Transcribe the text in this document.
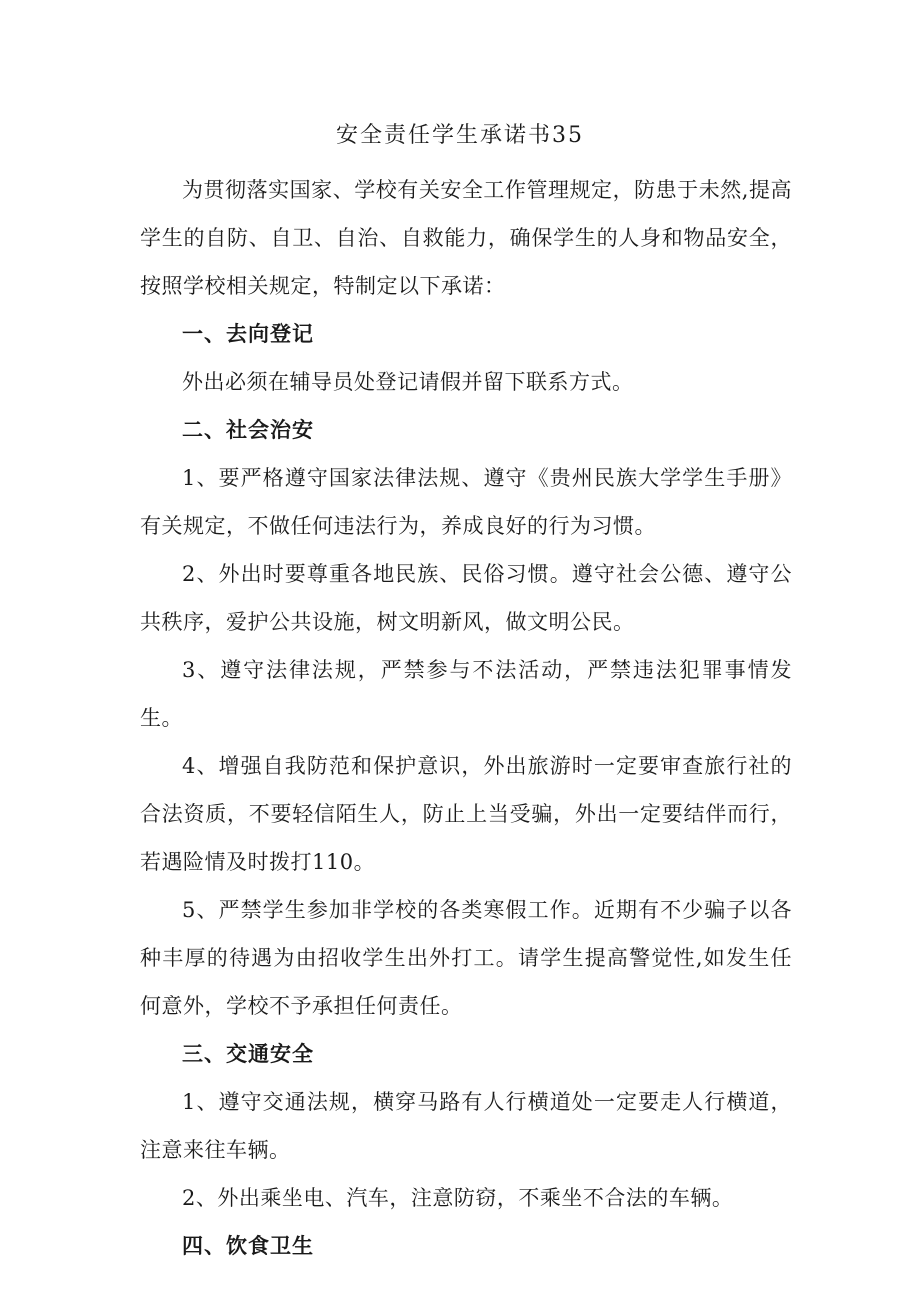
安全责任学生承诺书35

为贯彻落实国家、学校有关安全工作管理规定，防患于未然,提高学生的自防、自卫、自治、自救能力，确保学生的人身和物品安全，按照学校相关规定，特制定以下承诺：

一、去向登记

外出必须在辅导员处登记请假并留下联系方式。

二、社会治安

1、要严格遵守国家法律法规、遵守《贵州民族大学学生手册》有关规定，不做任何违法行为，养成良好的行为习惯。

2、外出时要尊重各地民族、民俗习惯。遵守社会公德、遵守公共秩序，爱护公共设施，树文明新风，做文明公民。

3、遵守法律法规，严禁参与不法活动，严禁违法犯罪事情发生。

4、增强自我防范和保护意识，外出旅游时一定要审查旅行社的合法资质，不要轻信陌生人，防止上当受骗，外出一定要结伴而行，若遇险情及时拨打110。

5、严禁学生参加非学校的各类寒假工作。近期有不少骗子以各种丰厚的待遇为由招收学生出外打工。请学生提高警觉性,如发生任何意外，学校不予承担任何责任。

三、交通安全

1、遵守交通法规，横穿马路有人行横道处一定要走人行横道，注意来往车辆。

2、外出乘坐电、汽车，注意防窃，不乘坐不合法的车辆。

四、饮食卫生
